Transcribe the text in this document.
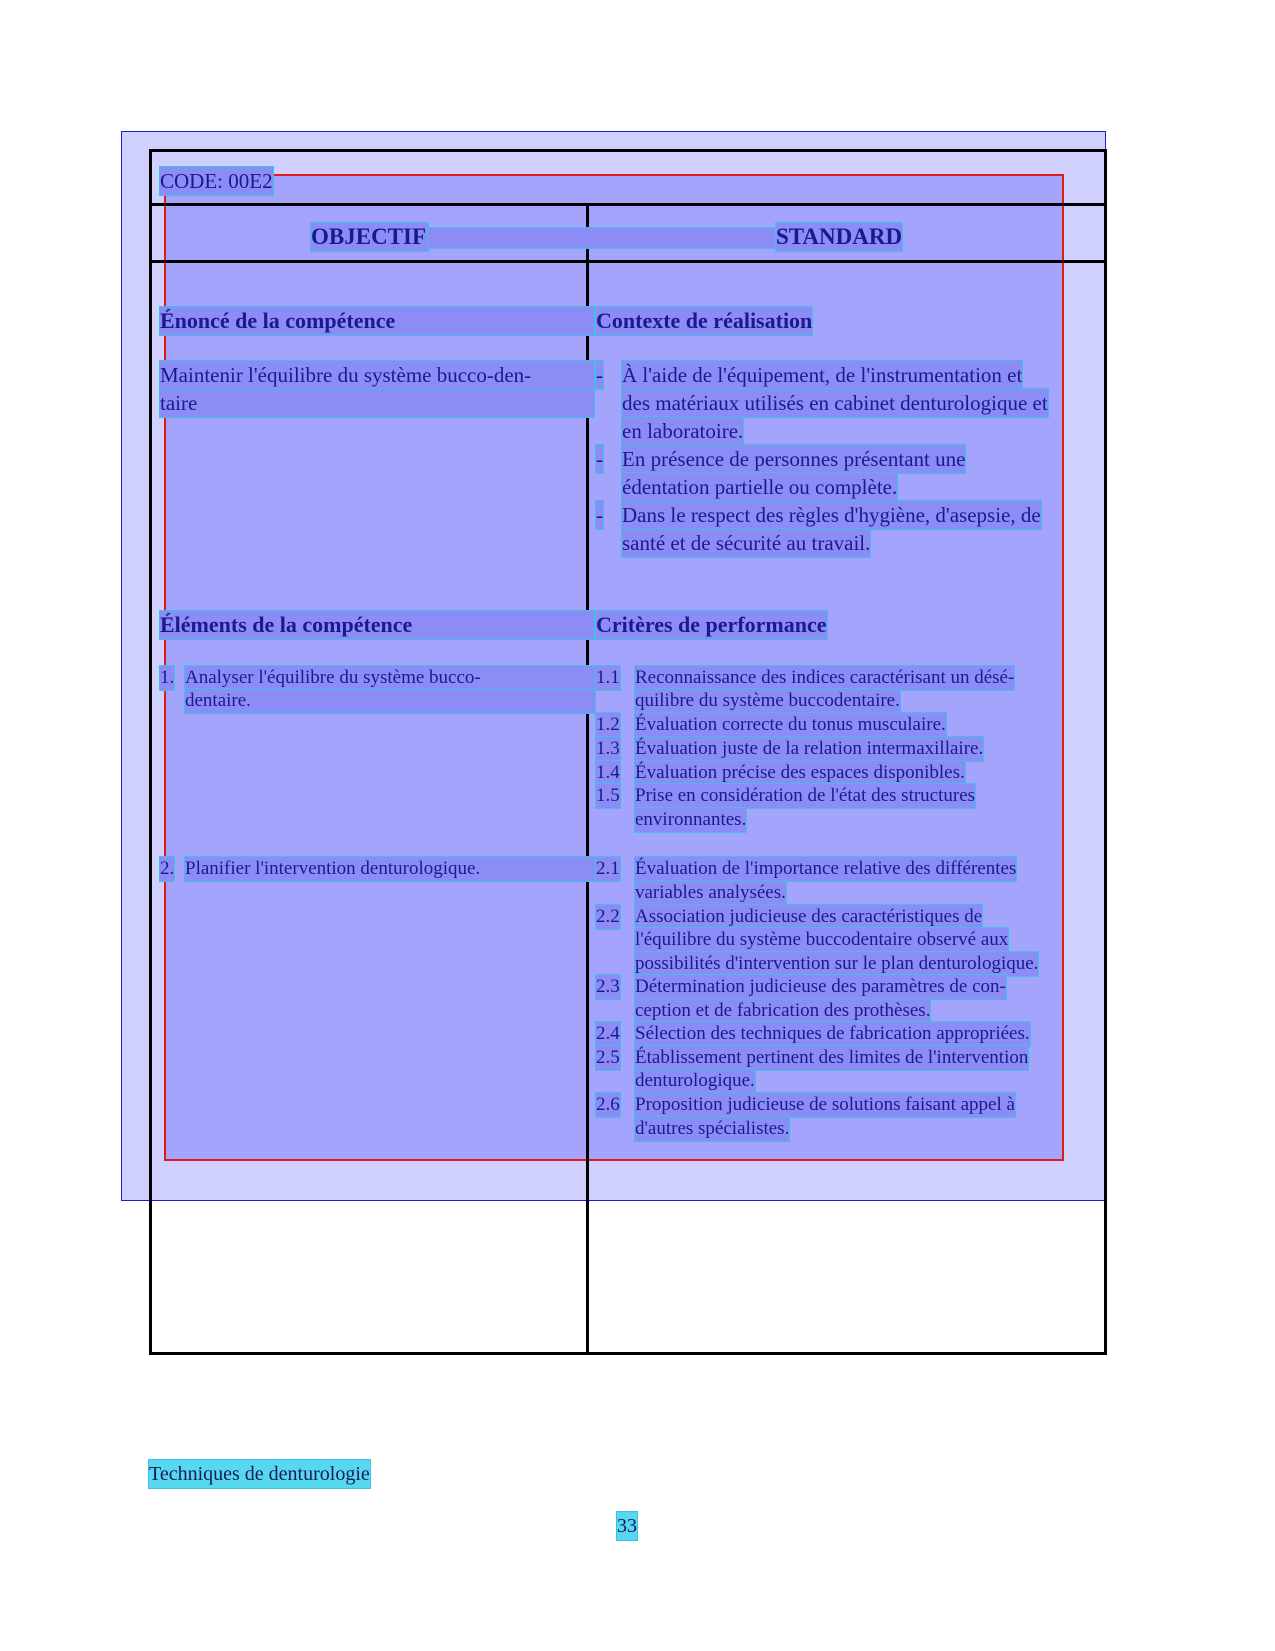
CODE: 00E2
OBJECTIF	STANDARD
Énoncé de la compétence
Maintenir l'équilibre du système bucco-den-
taire
Éléments de la compétence
1. Analyser l'équilibre du système bucco-
dentaire.
2. Planifier l'intervention denturologique.
Contexte de réalisation
- À l'aide de l'équipement, de l'instrumentation et
des matériaux utilisés en cabinet denturologique et
en laboratoire.
- En présence de personnes présentant une
édentation partielle ou complète.
- Dans le respect des règles d'hygiène, d'asepsie, de
santé et de sécurité au travail.
Critères de performance
1.1 Reconnaissance des indices caractérisant un désé-
quilibre du système buccodentaire.
1.2 Évaluation correcte du tonus musculaire.
1.3 Évaluation juste de la relation intermaxillaire.
1.4 Évaluation précise des espaces disponibles.
1.5 Prise en considération de l'état des structures
environnantes.
2.1 Évaluation de l'importance relative des différentes
variables analysées.
2.2 Association judicieuse des caractéristiques de
l'équilibre du système buccodentaire observé aux
possibilités d'intervention sur le plan denturologique.
2.3 Détermination judicieuse des paramètres de con-
ception et de fabrication des prothèses.
2.4 Sélection des techniques de fabrication appropriées.
2.5 Établissement pertinent des limites de l'intervention
denturologique.
2.6 Proposition judicieuse de solutions faisant appel à
d'autres spécialistes.
Techniques de denturologie
33
